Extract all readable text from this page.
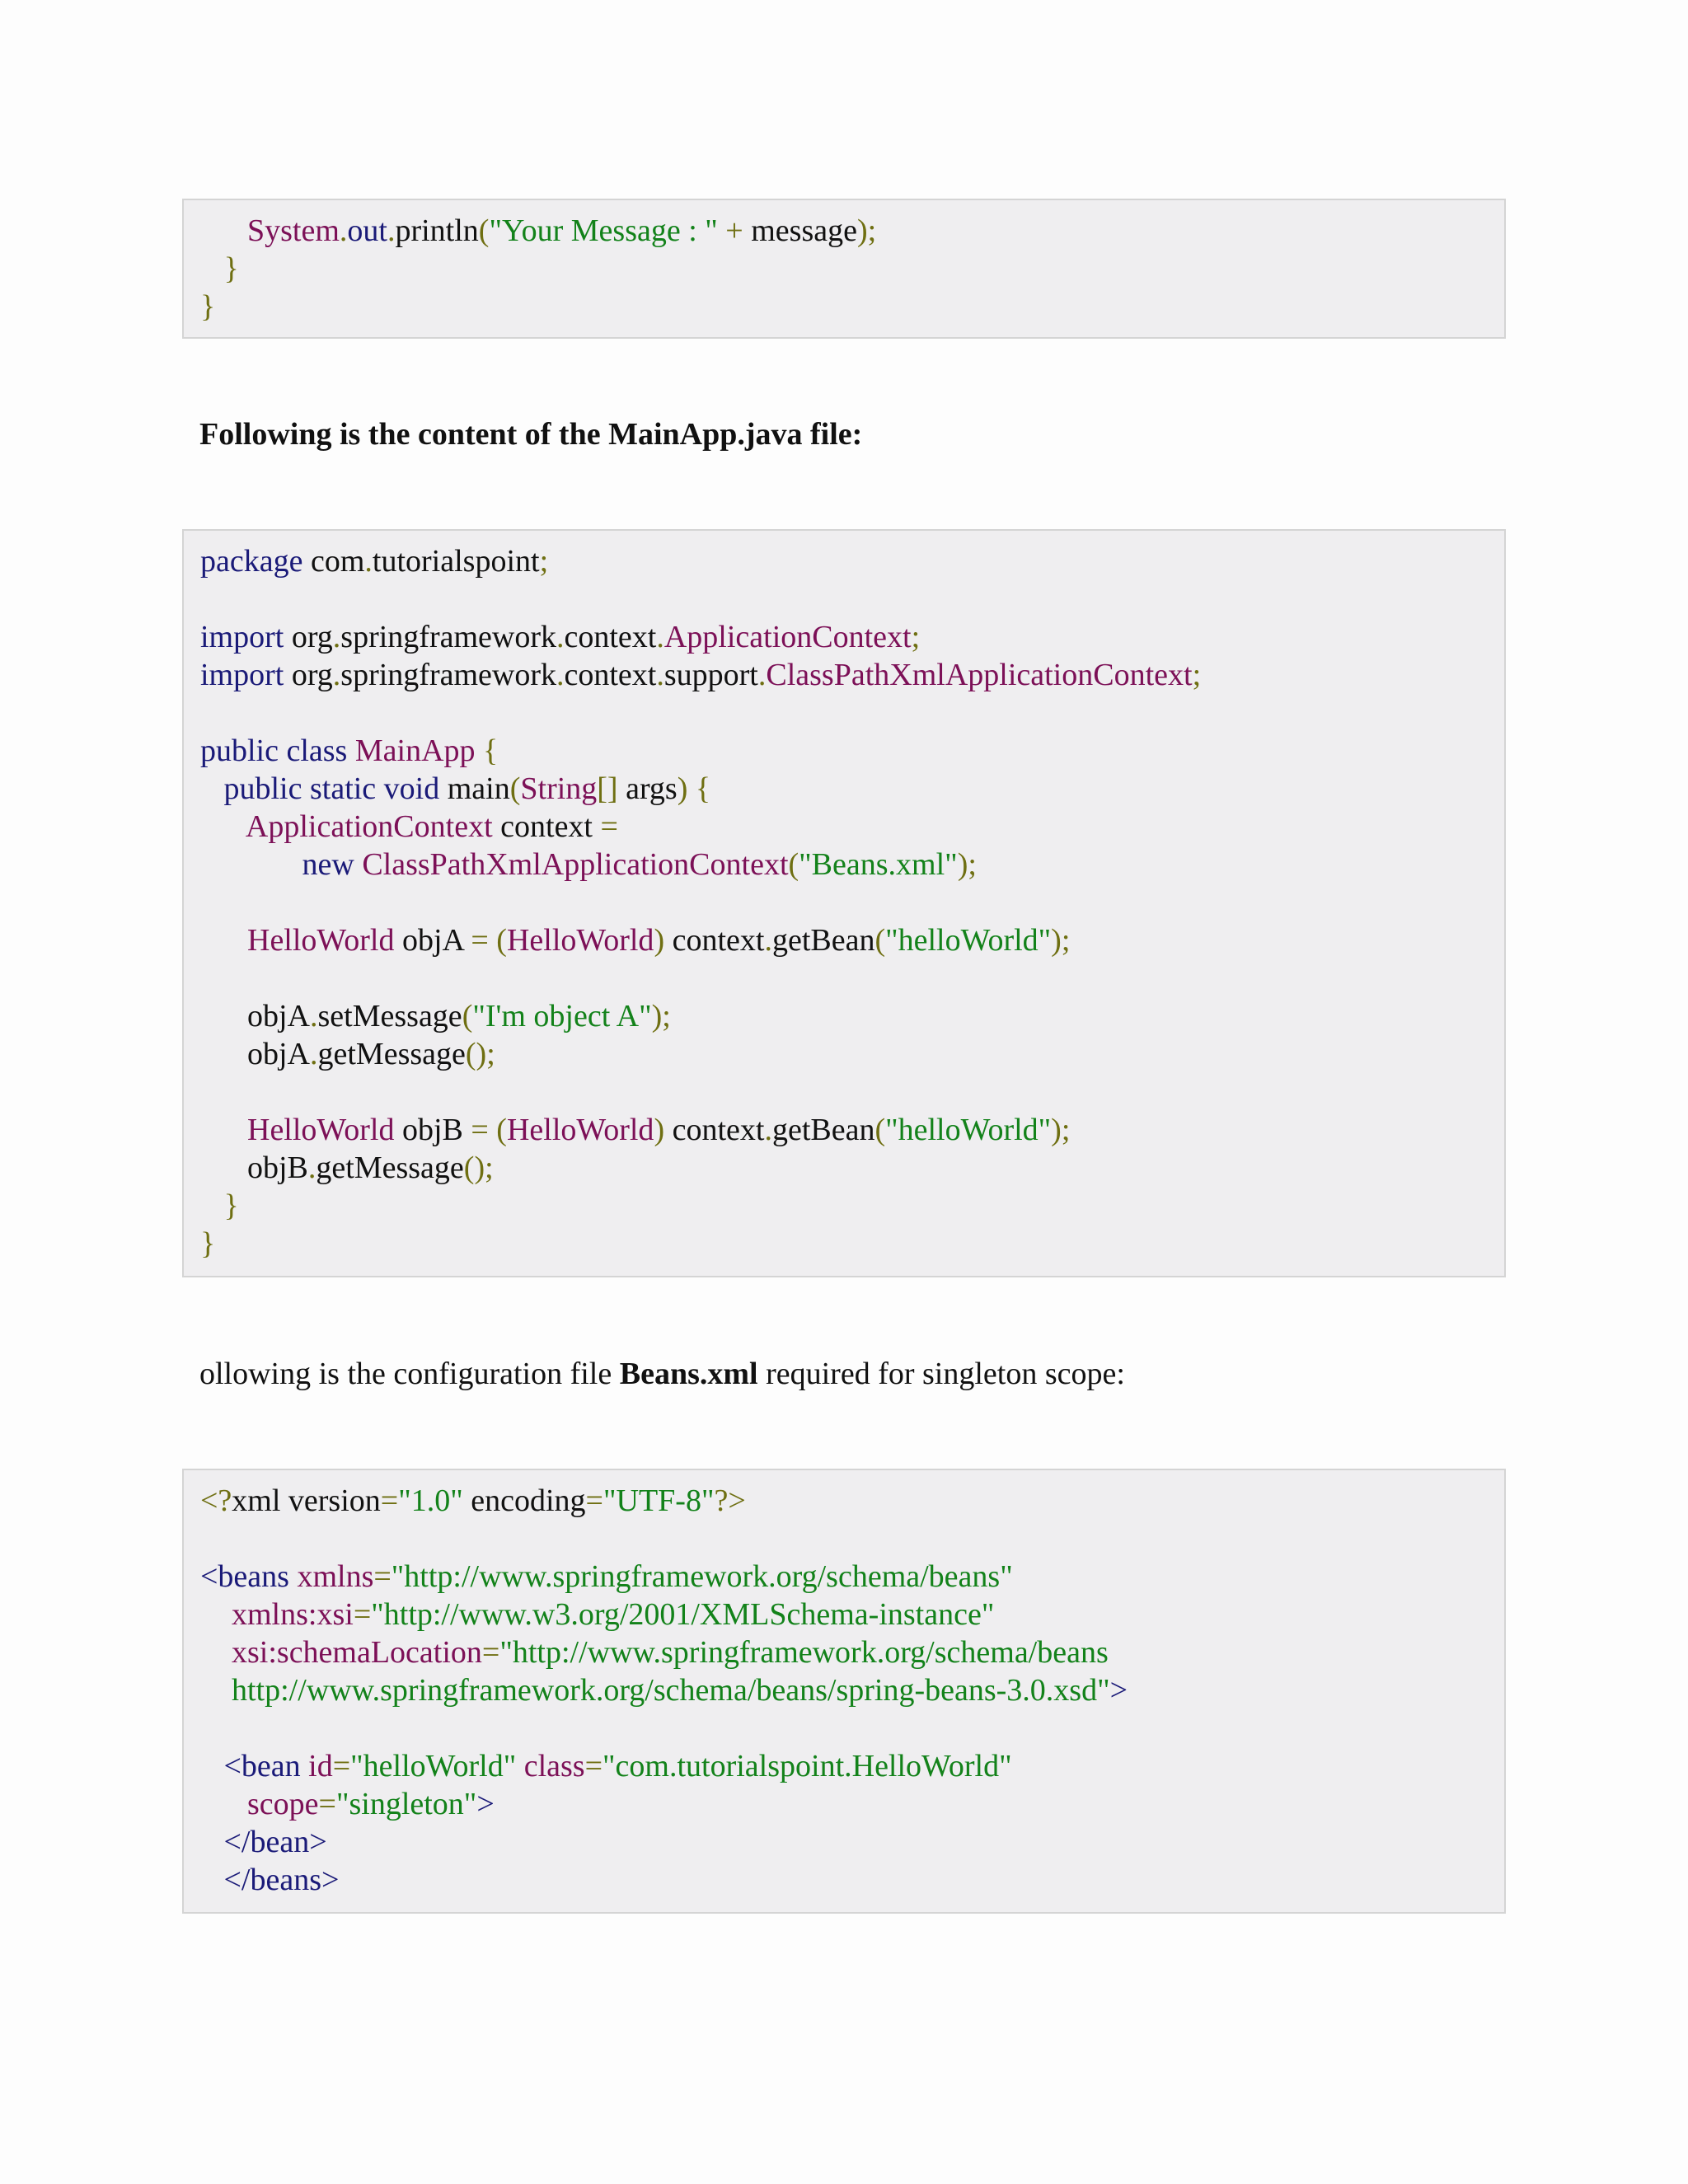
System.out.println("Your Message : " + message);
}
}
Following is the content of the MainApp.java file:
package com.tutorialspoint;
import org.springframework.context.ApplicationContext;
import org.springframework.context.support.ClassPathXmlApplicationContext;
public class MainApp {
public static void main(String[] args) {
ApplicationContext context =
new ClassPathXmlApplicationContext("Beans.xml");
HelloWorld objA = (HelloWorld) context.getBean("helloWorld");
objA.setMessage("I'm object A");
objA.getMessage();
HelloWorld objB = (HelloWorld) context.getBean("helloWorld");
objB.getMessage();
}
}
ollowing is the configuration file Beans.xml required for singleton scope:
<?xml version="1.0" encoding="UTF-8"?>
<beans xmlns="http://www.springframework.org/schema/beans"
xmlns:xsi="http://www.w3.org/2001/XMLSchema-instance"
xsi:schemaLocation="http://www.springframework.org/schema/beans
http://www.springframework.org/schema/beans/spring-beans-3.0.xsd">
<bean id="helloWorld" class="com.tutorialspoint.HelloWorld"
scope="singleton">
</bean>
</beans>
